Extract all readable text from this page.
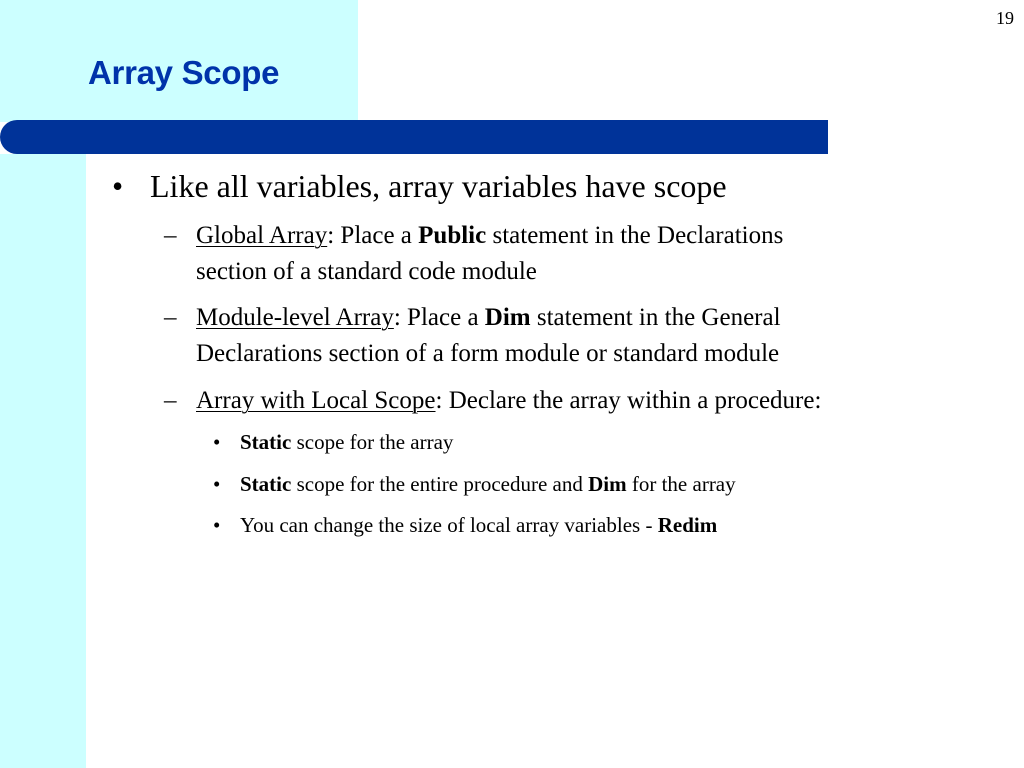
19
Array Scope
• Like all variables, array variables have scope
– Global Array: Place a Public statement in the Declarations
section of a standard code module
– Module-level Array: Place a Dim statement in the General
Declarations section of a form module or standard module
– Array with Local Scope: Declare the array within a procedure:
• Static scope for the array
• Static scope for the entire procedure and Dim for the array
• You can change the size of local array variables - Redim
